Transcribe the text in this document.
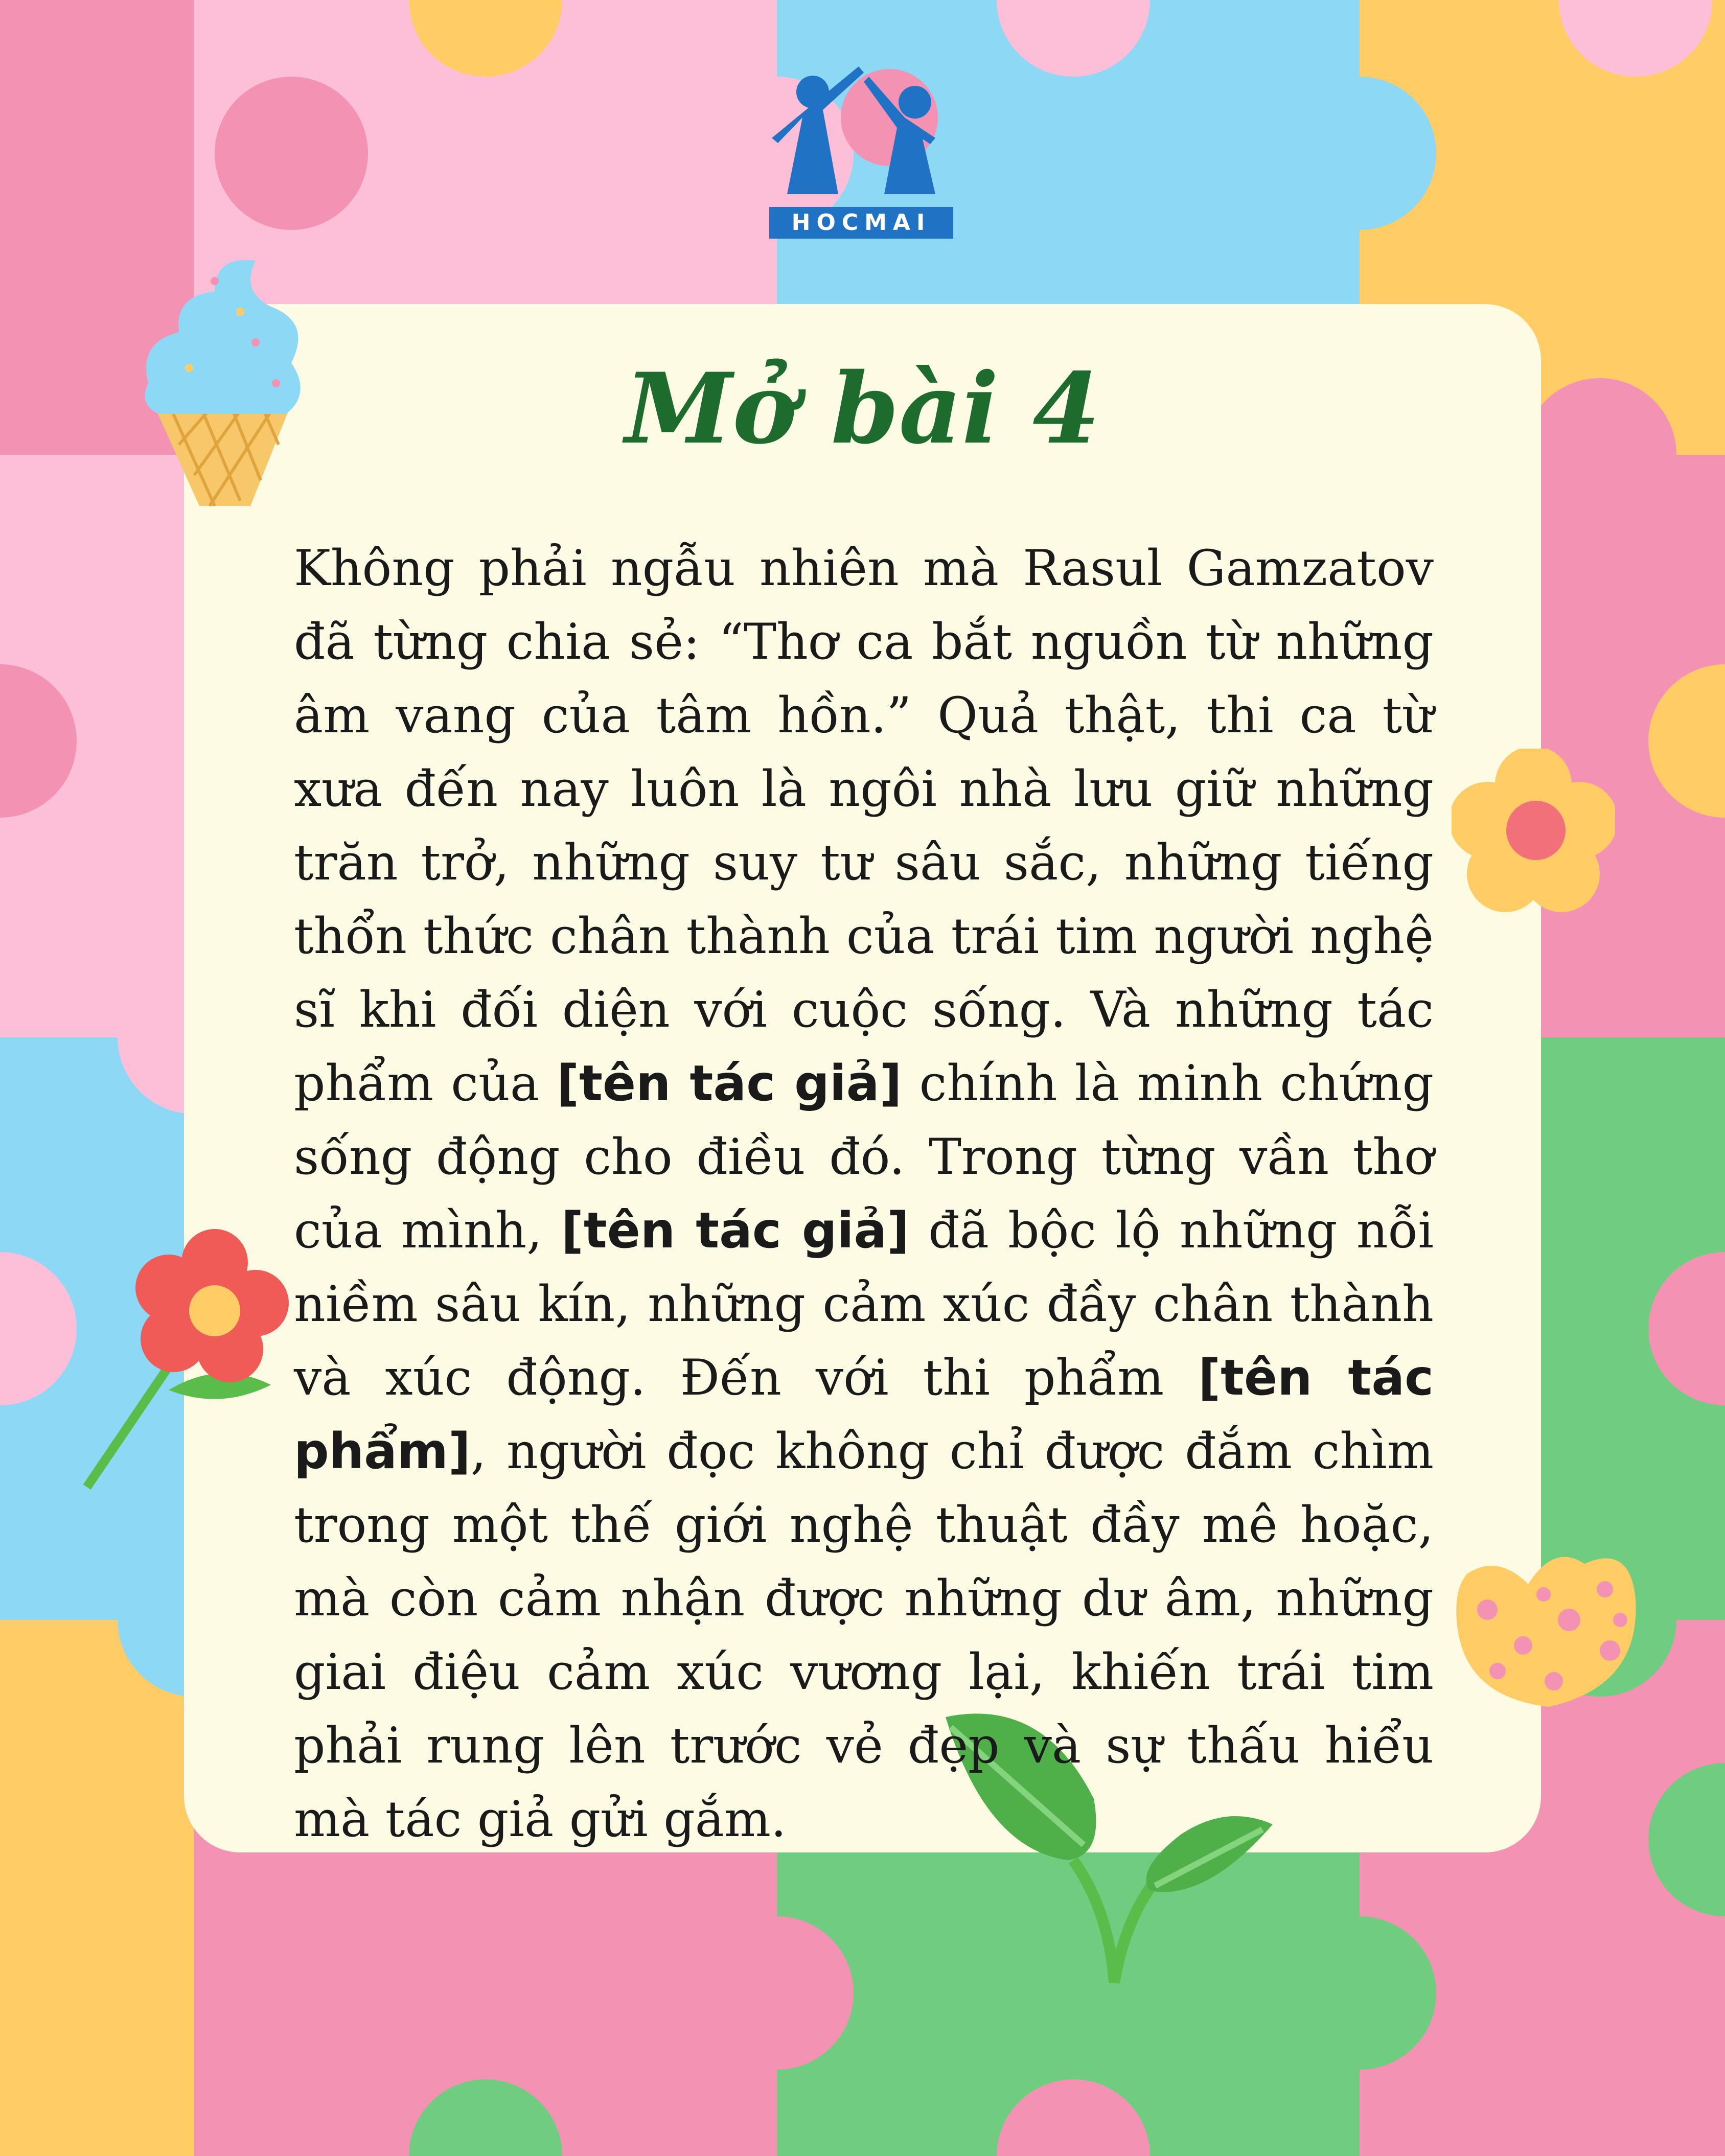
HOCMAI
Mở bài 4

Không phải ngẫu nhiên mà Rasul Gamzatov đã từng chia sẻ: “Thơ ca bắt nguồn từ những âm vang của tâm hồn.” Quả thật, thi ca từ xưa đến nay luôn là ngôi nhà lưu giữ những trăn trở, những suy tư sâu sắc, những tiếng thổn thức chân thành của trái tim người nghệ sĩ khi đối diện với cuộc sống. Và những tác phẩm của [tên tác giả] chính là minh chứng sống động cho điều đó. Trong từng vần thơ của mình, [tên tác giả] đã bộc lộ những nỗi niềm sâu kín, những cảm xúc đầy chân thành và xúc động. Đến với thi phẩm [tên tác phẩm], người đọc không chỉ được đắm chìm trong một thế giới nghệ thuật đầy mê hoặc, mà còn cảm nhận được những dư âm, những giai điệu cảm xúc vương lại, khiến trái tim phải rung lên trước vẻ đẹp và sự thấu hiểu mà tác giả gửi gắm.
